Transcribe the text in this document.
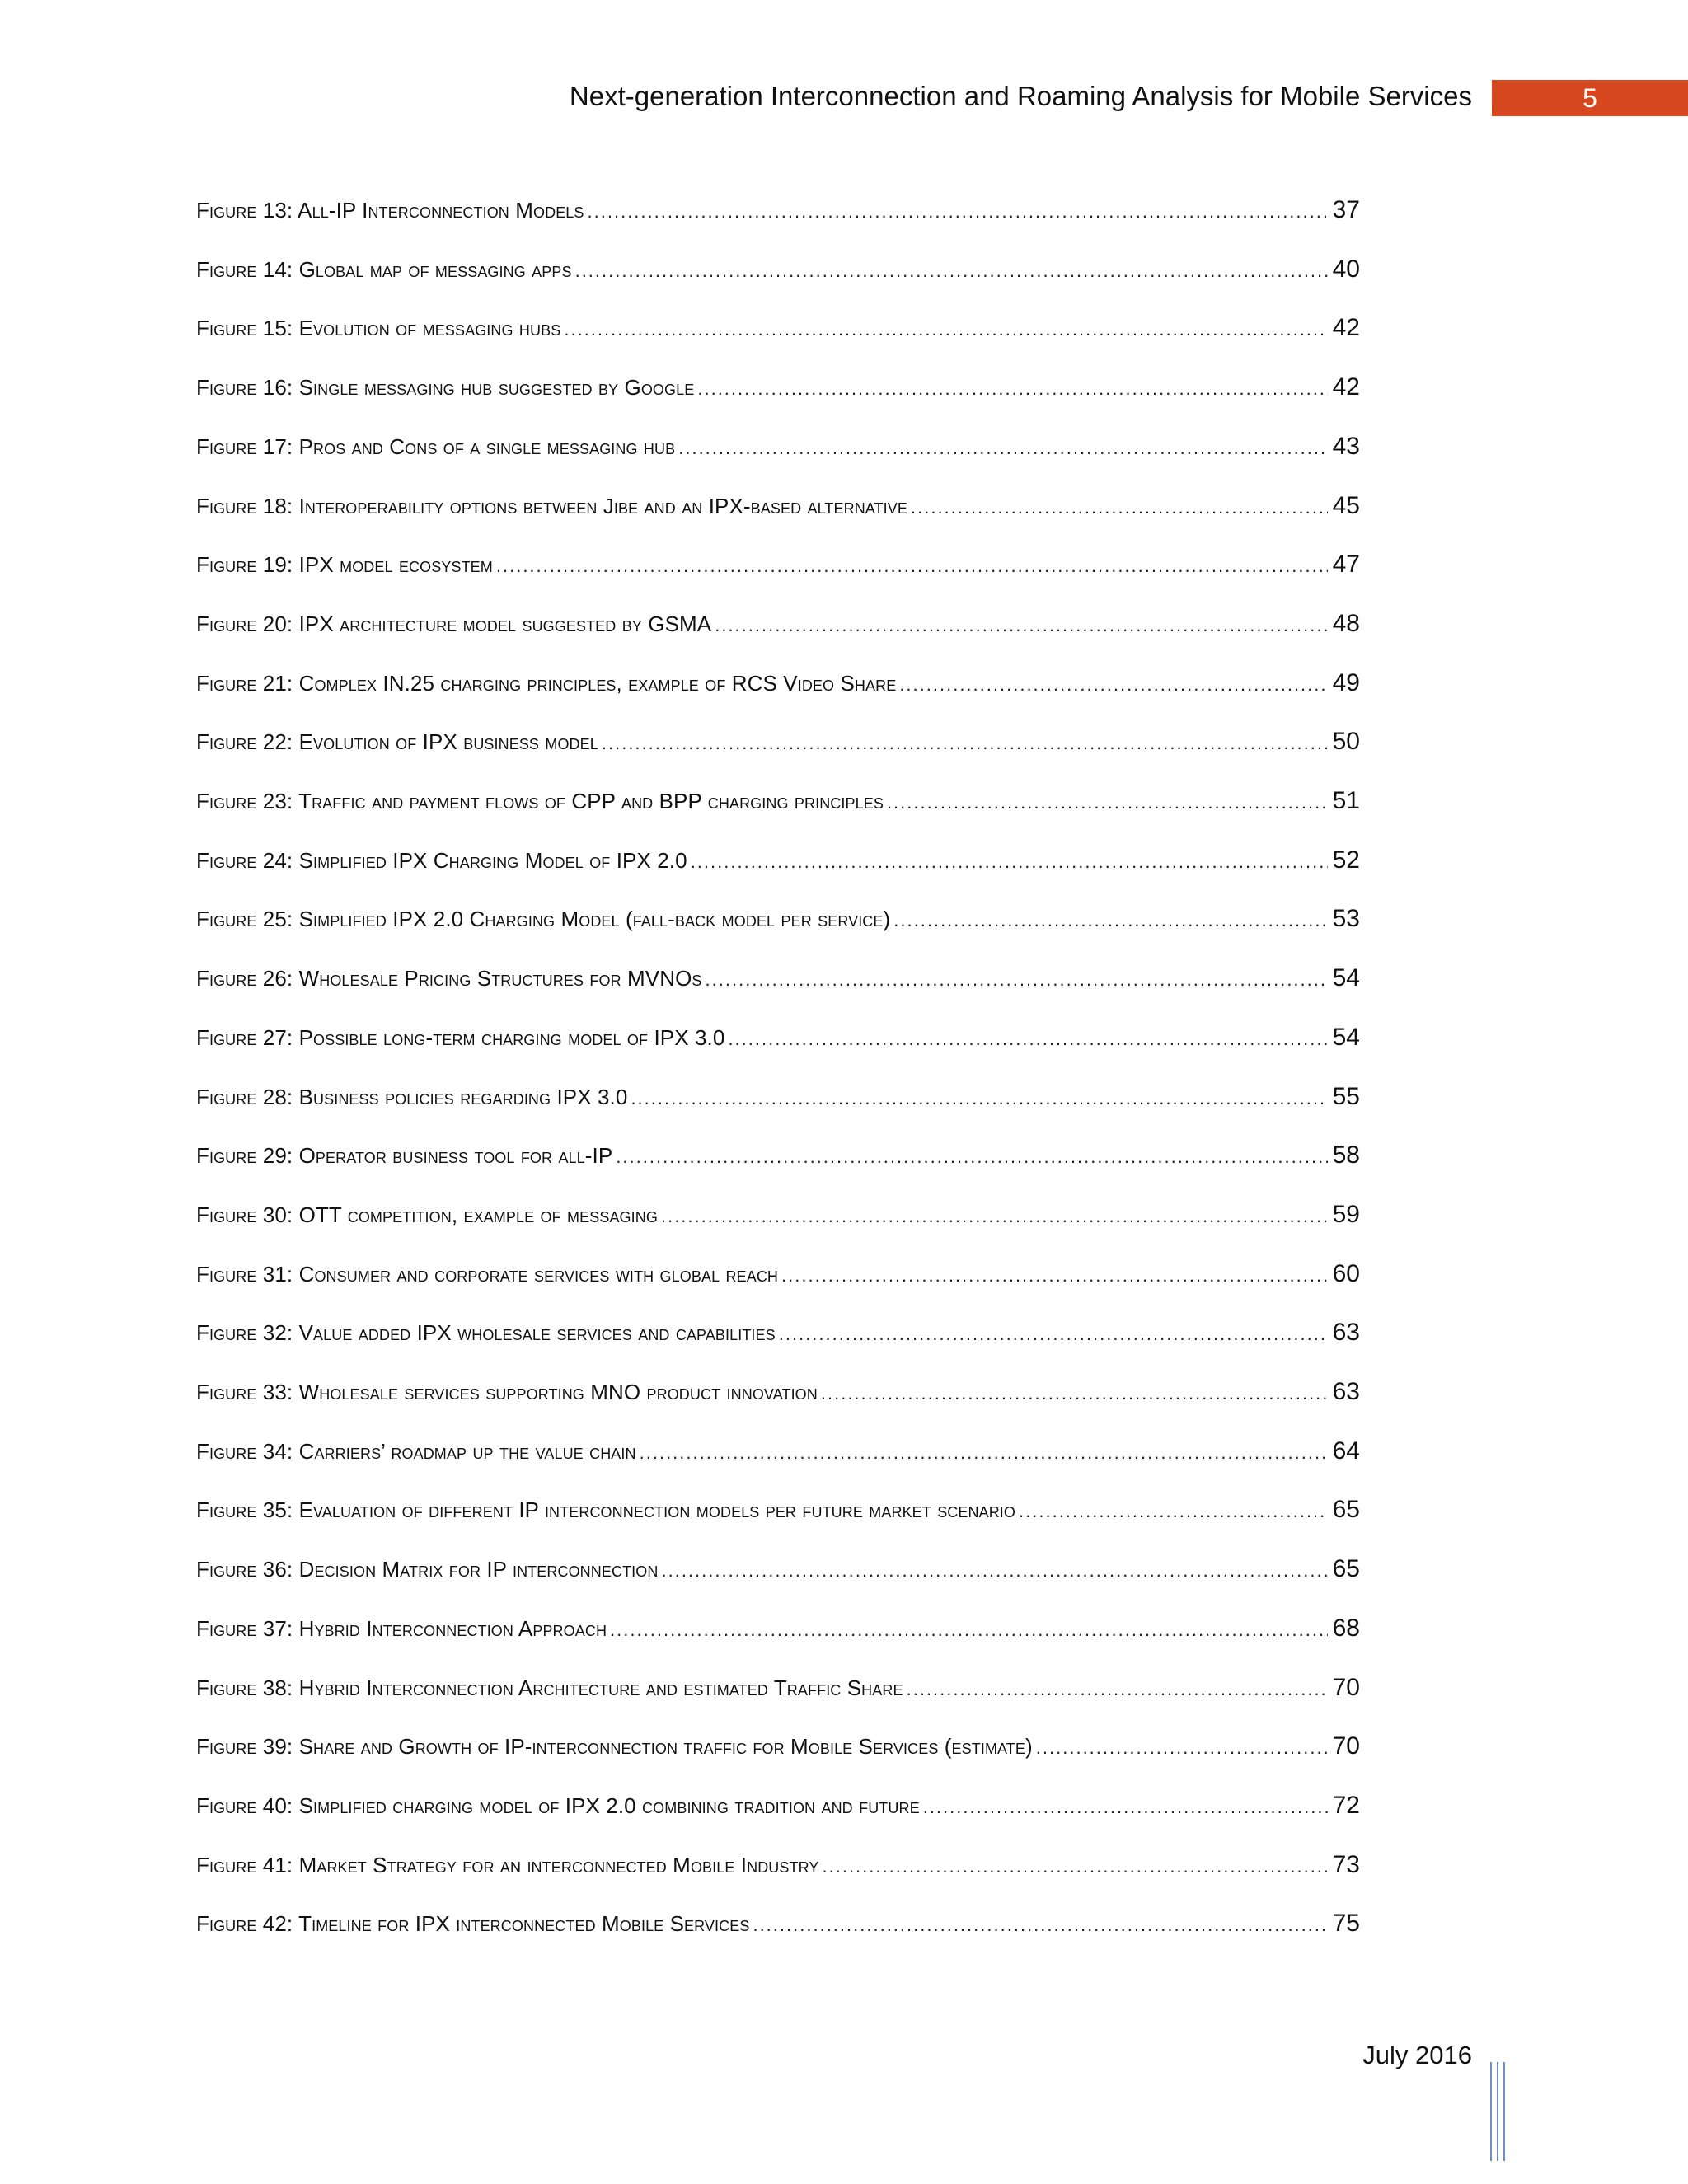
Next-generation Interconnection and Roaming Analysis for Mobile Services	5
Figure 13: All-IP Interconnection Models .....	37
Figure 14: Global map of messaging apps .....	40
Figure 15: Evolution of messaging hubs .....	42
Figure 16: Single messaging hub suggested by Google .....	42
Figure 17: Pros and Cons of a single messaging hub .....	43
Figure 18: Interoperability options between Jibe and an IPX-based alternative .....	45
Figure 19: IPX model ecosystem .....	47
Figure 20: IPX architecture model suggested by GSMA .....	48
Figure 21: Complex IN.25 charging principles, example of RCS Video Share .....	49
Figure 22: Evolution of IPX business model .....	50
Figure 23: Traffic and payment flows of CPP and BPP charging principles .....	51
Figure 24: Simplified IPX Charging Model of IPX 2.0 .....	52
Figure 25: Simplified IPX 2.0 Charging Model (fall-back model per service) .....	53
Figure 26: Wholesale Pricing Structures for MVNOs .....	54
Figure 27: Possible long-term charging model of IPX 3.0 .....	54
Figure 28: Business policies regarding IPX 3.0 .....	55
Figure 29: Operator business tool for all-IP .....	58
Figure 30: OTT competition, example of messaging .....	59
Figure 31: Consumer and corporate services with global reach .....	60
Figure 32: Value added IPX wholesale services and capabilities .....	63
Figure 33: Wholesale services supporting MNO product innovation .....	63
Figure 34: Carriers’ roadmap up the value chain .....	64
Figure 35: Evaluation of different IP interconnection models per future market scenario .....	65
Figure 36: Decision Matrix for IP interconnection .....	65
Figure 37: Hybrid Interconnection Approach .....	68
Figure 38: Hybrid Interconnection Architecture and estimated Traffic Share .....	70
Figure 39: Share and Growth of IP-interconnection traffic for Mobile Services (estimate) .....	70
Figure 40: Simplified charging model of IPX 2.0 combining tradition and future .....	72
Figure 41: Market Strategy for an interconnected Mobile Industry .....	73
Figure 42: Timeline for IPX interconnected Mobile Services .....	75
July 2016
